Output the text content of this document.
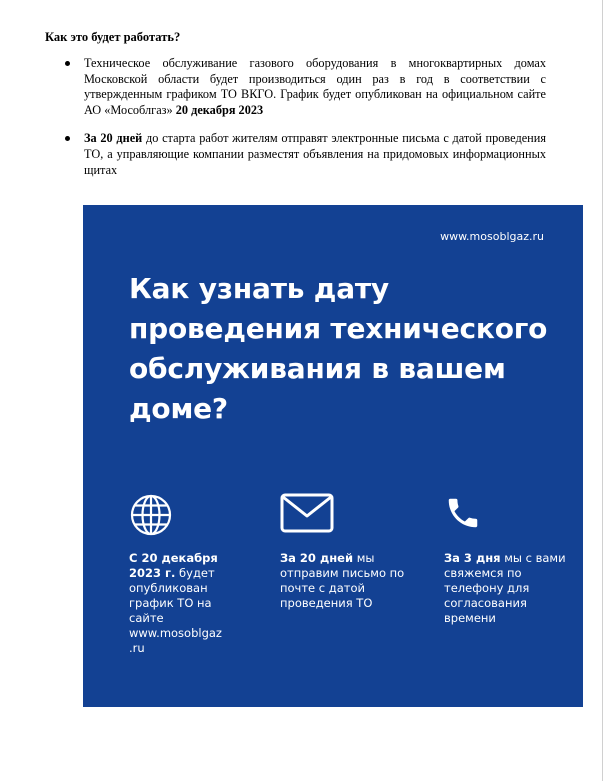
Как это будет работать?

Техническое обслуживание газового оборудования в многоквартирных домах Московской области будет производиться один раз в год в соответствии с утвержденным графиком ТО ВКГО. График будет опубликован на официальном сайте АО «Мособлгаз» 20 декабря 2023
За 20 дней до старта работ жителям отправят электронные письма с датой проведения ТО, а управляющие компании разместят объявления на придомовых информационных щитах
www.mosoblgaz.ru
Как узнать дату проведения технического обслуживания в вашем доме?
С 20 декабря 2023 г. будет опубликован график ТО на сайте www.mosoblgaz .ru
За 20 дней мы отправим письмо по почте с датой проведения ТО
За 3 дня мы с вами свяжемся по телефону для согласования времени
